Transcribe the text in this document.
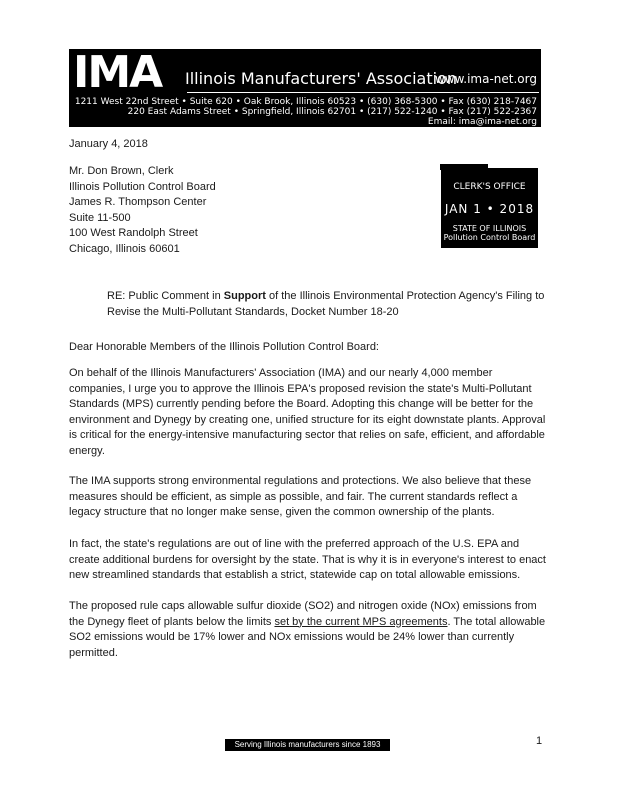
IMA Illinois Manufacturers' Association
www.ima-net.org
1211 West 22nd Street • Suite 620 • Oak Brook, Illinois 60523 • (630) 368-5300 • Fax (630) 218-7467
220 East Adams Street • Springfield, Illinois 62701 • (217) 522-1240 • Fax (217) 522-2367
Email: ima@ima-net.org
January 4, 2018
Mr. Don Brown, Clerk
Illinois Pollution Control Board
James R. Thompson Center
Suite 11-500
100 West Randolph Street
Chicago, Illinois 60601
CLERK'S OFFICE
JAN 1 • 2018
STATE OF ILLINOIS
Pollution Control Board
RE: Public Comment in Support of the Illinois Environmental Protection Agency's Filing to Revise the Multi-Pollutant Standards, Docket Number 18-20
Dear Honorable Members of the Illinois Pollution Control Board:
On behalf of the Illinois Manufacturers' Association (IMA) and our nearly 4,000 member companies, I urge you to approve the Illinois EPA's proposed revision the state's Multi-Pollutant Standards (MPS) currently pending before the Board. Adopting this change will be better for the environment and Dynegy by creating one, unified structure for its eight downstate plants. Approval is critical for the energy-intensive manufacturing sector that relies on safe, efficient, and affordable energy.
The IMA supports strong environmental regulations and protections. We also believe that these measures should be efficient, as simple as possible, and fair. The current standards reflect a legacy structure that no longer make sense, given the common ownership of the plants.
In fact, the state's regulations are out of line with the preferred approach of the U.S. EPA and create additional burdens for oversight by the state. That is why it is in everyone's interest to enact new streamlined standards that establish a strict, statewide cap on total allowable emissions.
The proposed rule caps allowable sulfur dioxide (SO2) and nitrogen oxide (NOx) emissions from the Dynegy fleet of plants below the limits set by the current MPS agreements. The total allowable SO2 emissions would be 17% lower and NOx emissions would be 24% lower than currently permitted.
Serving Illinois manufacturers since 1893	1
